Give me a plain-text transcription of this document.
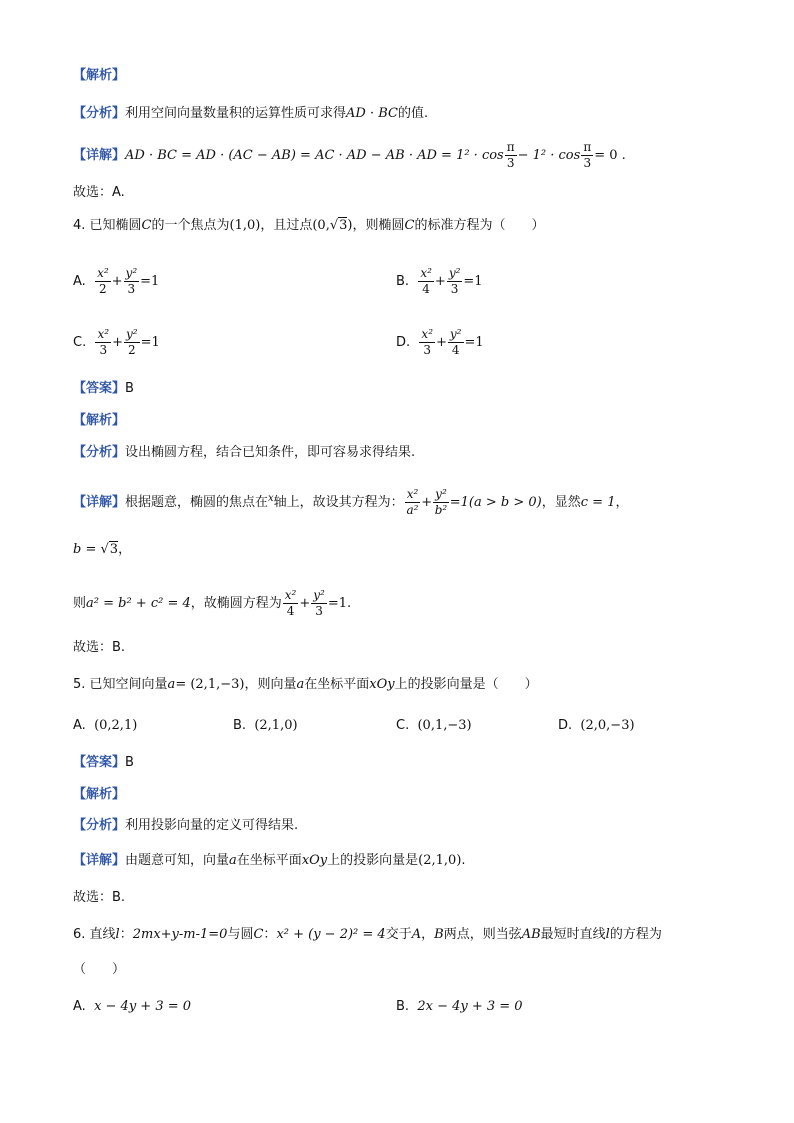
【解析】
【分析】利用空间向量数量积的运算性质可求得AD · BC的值.
【详解】AD · BC = AD · (AC − AB) = AC · AD − AB · AD = $1^2 \cdot \cos \frac{\pi}{3} - 1^2 \cdot \cos \frac{\pi}{3} = 0$ .
故选：A.
4. 已知椭圆C的一个焦点为(1,0)，且过点(0,√3)，则椭圆C的标准方程为（　　）
A. $\frac{\text{x²}}{2} + \frac{\text{y²}}{3} =1$	B. $\frac{\text{x²}}{4} + \frac{\text{y²}}{3} =1$
C. $\frac{\text{x²}}{3} + \frac{\text{y²}}{2} =1$	D. $\frac{\text{x²}}{3} + \frac{\text{y²}}{4} =1$
【答案】B
【解析】
【分析】设出椭圆方程，结合已知条件，即可容易求得结果.
【详解】根据题意，椭圆的焦点在$^x$轴上，故设其方程为： $\frac{\text{x²}}{\text{a²}} + \frac{\text{y²}}{\text{b²}} =1(a > b > 0)$，显然c = 1，
b = √3，
则a² = b² + c² = 4，故椭圆方程为 $\frac{\text{x²}}{4} + \frac{\text{y²}}{3} =1$.
故选：B.
5. 已知空间向量a= (2,1,−3)，则向量a在坐标平面xOy上的投影向量是（　　）
A. (0,2,1)	B. (2,1,0)	C. (0,1,−3)	D. (2,0,−3)
【答案】B
【解析】
【分析】利用投影向量的定义可得结果.
【详解】由题意可知，向量a在坐标平面xOy上的投影向量是(2,1,0).
故选：B.
6. 直线l：2mx+y-m-1=0与圆C：x² + (y − 2)² = 4交于A，B两点，则当弦AB最短时直线l的方程为
（　　）
A. x − 4y + 3 = 0	B. 2x − 4y + 3 = 0
